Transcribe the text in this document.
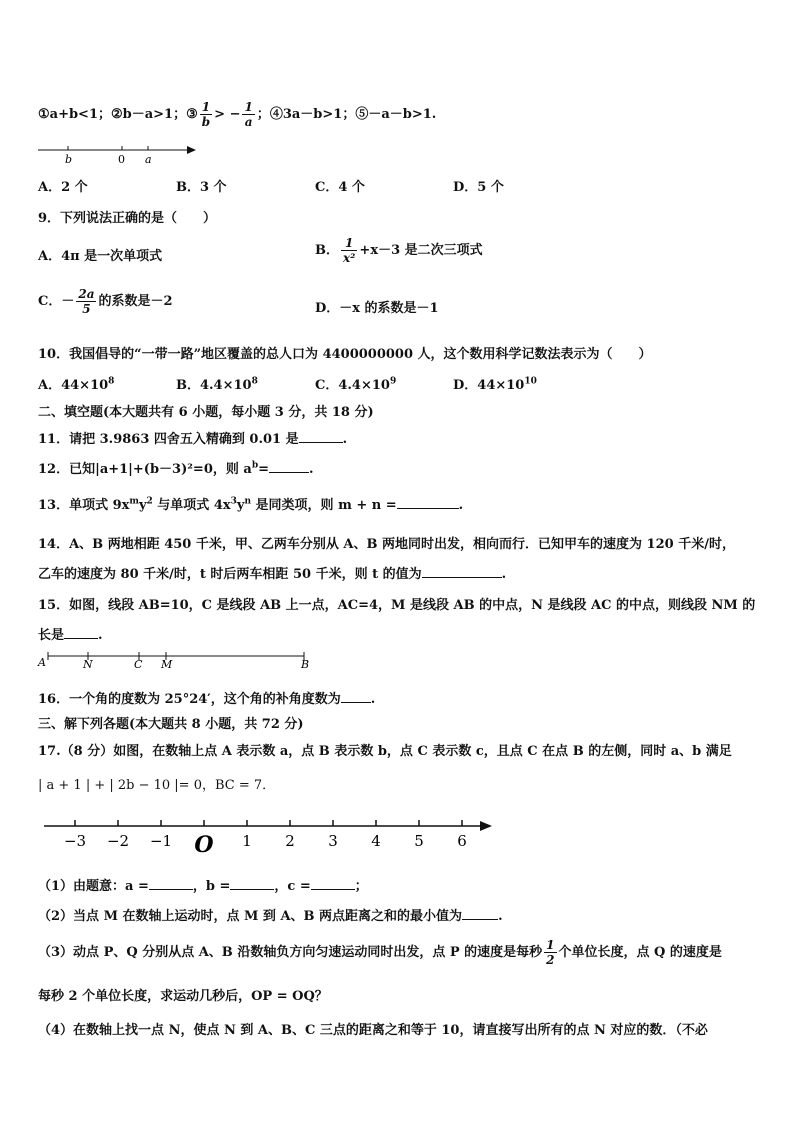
①a+b<1；②b－a>1；③ $\frac{1}{b}$ > − $\frac{1}{a}$ ；④3a－b>1；⑤－a－b>1.
b	0 a
A．2 个	B．3 个	C．4 个	D．5 个
9．下列说法正确的是（　　）
A．4π 是一次单项式	B． $\frac{1}{\text{x²}} +x-3$ 是二次三项式
C．－ $\frac{2a}{5}$ 的系数是－2	D．－x 的系数是－1
10．我国倡导的“一带一路”地区覆盖的总人口为 4400000000 人，这个数用科学记数法表示为（　　）
A．$44\times 10^8$	B．$4.4\times 10^8$	C．$4.4\times 10^9$	D．$44\times 10^{10}$
二、填空题(本大题共有 6 小题，每小题 3 分，共 18 分)
11．请把 3.9863 四舍五入精确到 0.01 是	.
12．已知|a+1|+(b－3)²=0，则 $a^b=$	.
13．单项式 $9x^my^2$ 与单项式 $4x^3y^n$ 是同类项，则 m + n =	.
14．A、B 两地相距 450 千米，甲、乙两车分别从 A、B 两地同时出发，相向而行．已知甲车的速度为 120 千米/时，
乙车的速度为 80 千米/时，t 时后两车相距 50 千米，则 t 的值为	.
15．如图，线段 AB=10，C 是线段 AB 上一点，AC=4，M 是线段 AB 的中点，N 是线段 AC 的中点，则线段 NM 的
长是	.
A	N	C M	B
16．一个角的度数为 25°24′，这个角的补角度数为 .
三、解下列各题(本大题共 8 小题，共 72 分)
17.（8 分）如图，在数轴上点 A 表示数 a，点 B 表示数 b，点 C 表示数 c，且点 C 在点 B 的左侧，同时 a、b 满足
| a + 1 | + | 2b − 10 |= 0，BC = 7．
−3 −2 −1 O 1 2 3 4 5 6
（1）由题意：a =	，b =	，c =	；
（2）当点 M 在数轴上运动时，点 M 到 A、B 两点距离之和的最小值为	.
（3）动点 P、Q 分别从点 A、B 沿数轴负方向匀速运动同时出发，点 P 的速度是每秒 $\frac{1}{2}$ 个单位长度，点 Q 的速度是
每秒 2 个单位长度，求运动几秒后，OP = OQ？
（4）在数轴上找一点 N，使点 N 到 A、B、C 三点的距离之和等于 10，请直接写出所有的点 N 对应的数．（不必
